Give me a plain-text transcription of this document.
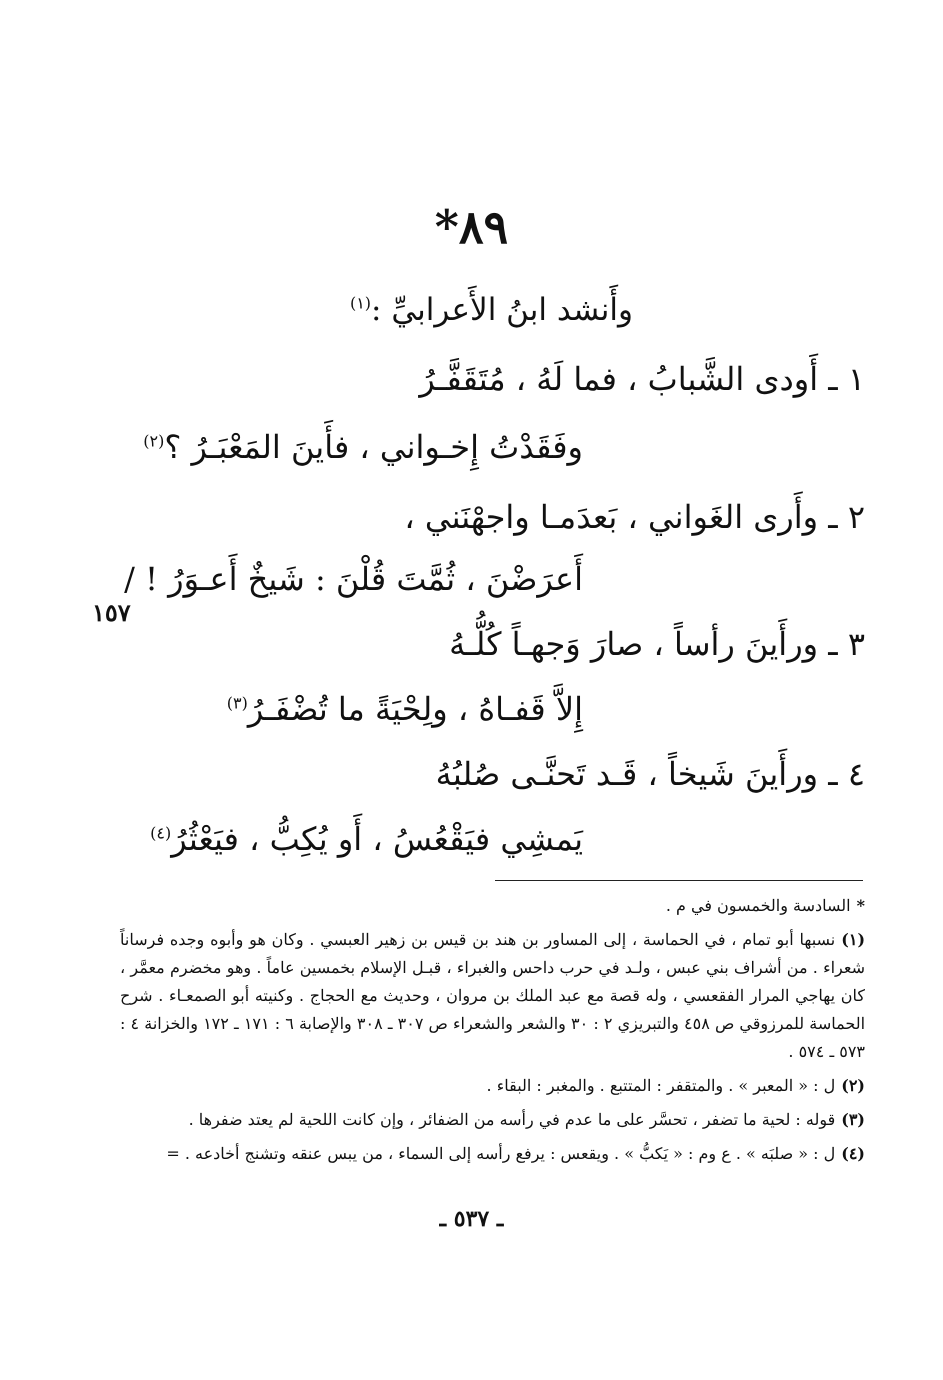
٨٩*
وأَنشد ابنُ الأَعرابيِّ :$^{(١)}$
١ ـ أَودى الشَّبابُ ، فما لَهُ ، مُتَقَفَّـرُ
وفَقَدْتُ إِخـواني ، فأَينَ المَعْبَـرُ ؟$^{(٢)}$
٢ ـ وأَرى الغَواني ، بَعدَمـا واجهْنَني ،
أَعرَضْنَ ، ثُمَّتَ قُلْنَ : شَيخٌ أَعـوَرُ ! /
١٥٧
٣ ـ ورأَينَ رأساً ، صارَ وَجهـاً كُلُّـهُ
إِلاَّ قَفـاهُ ، ولِحْيَةً ما تُضْفَـرُ$^{(٣)}$
٤ ـ ورأَينَ شَيخاً ، قَـد تَحنَّـى صُلبُهُ
يَمشِي فيَقْعُسُ ، أَو يُكِبُّ ، فيَعْثُرُ$^{(٤)}$
*السادسة والخمسون في م .
(١)نسبها أبو تمام ، في الحماسة ، إلى المساور بن هند بن قيس بن زهير العبسي . وكان هو وأبوه وجده فرساناً شعراء . من أشراف بني عبس ، ولـد في حرب داحس والغبراء ، قبـل الإسلام بخمسين عاماً . وهو مخضرم معمَّر ، كان يهاجي المرار الفقعسي ، وله قصة مع عبد الملك بن مروان ، وحديث مع الحجاج . وكنيته أبو الصمعـاء . شرح الحماسة للمرزوقي ص ٤٥٨ والتبريزي ٢ : ٣٠ والشعر والشعراء ص ٣٠٧ ـ ٣٠٨ والإصابة ٦ : ١٧١ ـ ١٧٢ والخزانة ٤ : ٥٧٣ ـ ٥٧٤ .
(٢)ل : « المعبر » . والمتقفر : المتتبع . والمغبر : البقاء .
(٣)قوله : لحية ما تضفر ، تحسَّر على ما عدم في رأسه من الضفائر ، وإن كانت اللحية لم يعتد ضفرها .
(٤)ل : « صلبَه » . ع وم : « يَكبُّ » . ويقعس : يرفع رأسه إلى السماء ، من يبس عنقه وتشنج أخادعه . =
ـ ٥٣٧ ـ
